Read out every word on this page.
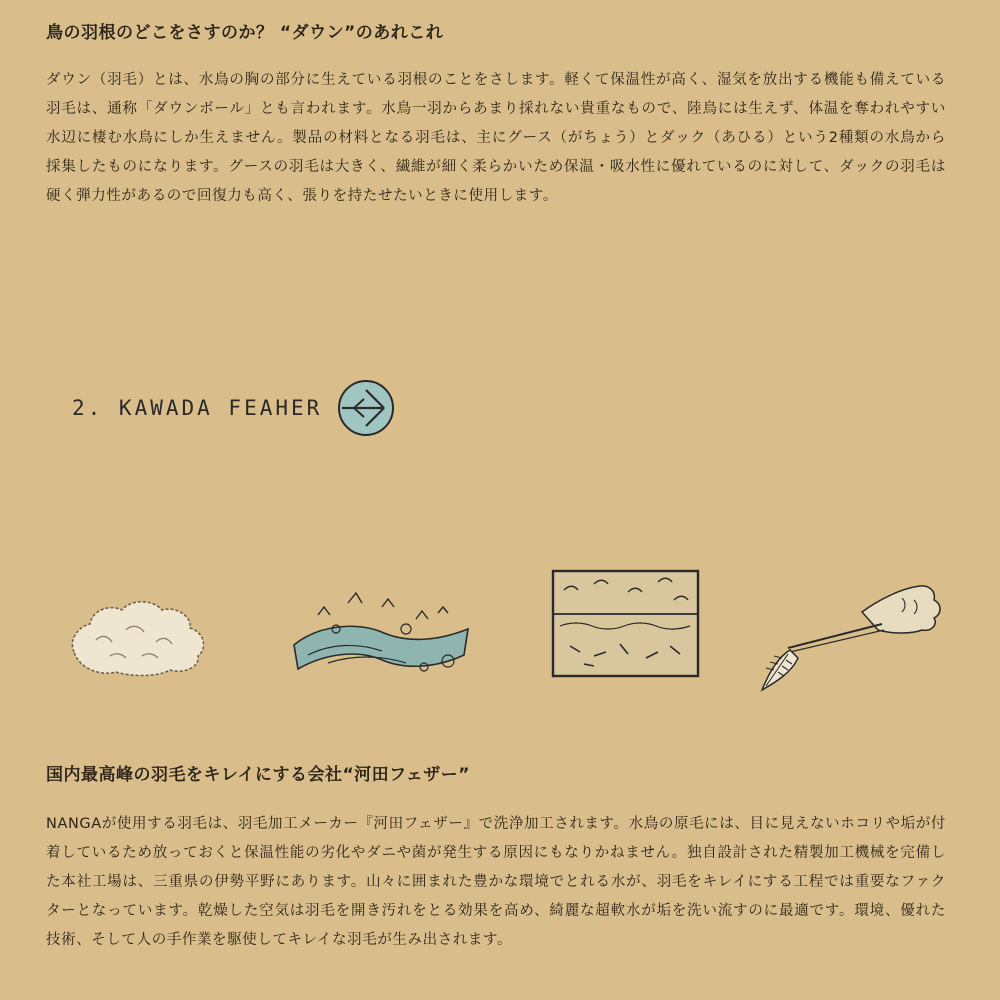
鳥の羽根のどこをさすのか？ “ダウン”のあれこれ

ダウン（羽毛）とは、水鳥の胸の部分に生えている羽根のことをさします。軽くて保温性が高く、湿気を放出する機能も備えている羽毛は、通称「ダウンボール」とも言われます。水鳥一羽からあまり採れない貴重なもので、陸鳥には生えず、体温を奪われやすい水辺に棲む水鳥にしか生えません。製品の材料となる羽毛は、主にグース（がちょう）とダック（あひる）という2種類の水鳥から採集したものになります。グースの羽毛は大きく、繊維が細く柔らかいため保温・吸水性に優れているのに対して、ダックの羽毛は硬く弾力性があるので回復力も高く、張りを持たせたいときに使用します。

2. KAWADA FEAHER
国内最高峰の羽毛をキレイにする会社“河田フェザー”

NANGAが使用する羽毛は、羽毛加工メーカー『河田フェザー』で洗浄加工されます。水鳥の原毛には、目に見えないホコリや垢が付着しているため放っておくと保温性能の劣化やダニや菌が発生する原因にもなりかねません。独自設計された精製加工機械を完備した本社工場は、三重県の伊勢平野にあります。山々に囲まれた豊かな環境でとれる水が、羽毛をキレイにする工程では重要なファクターとなっています。乾燥した空気は羽毛を開き汚れをとる効果を高め、綺麗な超軟水が垢を洗い流すのに最適です。環境、優れた技術、そして人の手作業を駆使してキレイな羽毛が生み出されます。
